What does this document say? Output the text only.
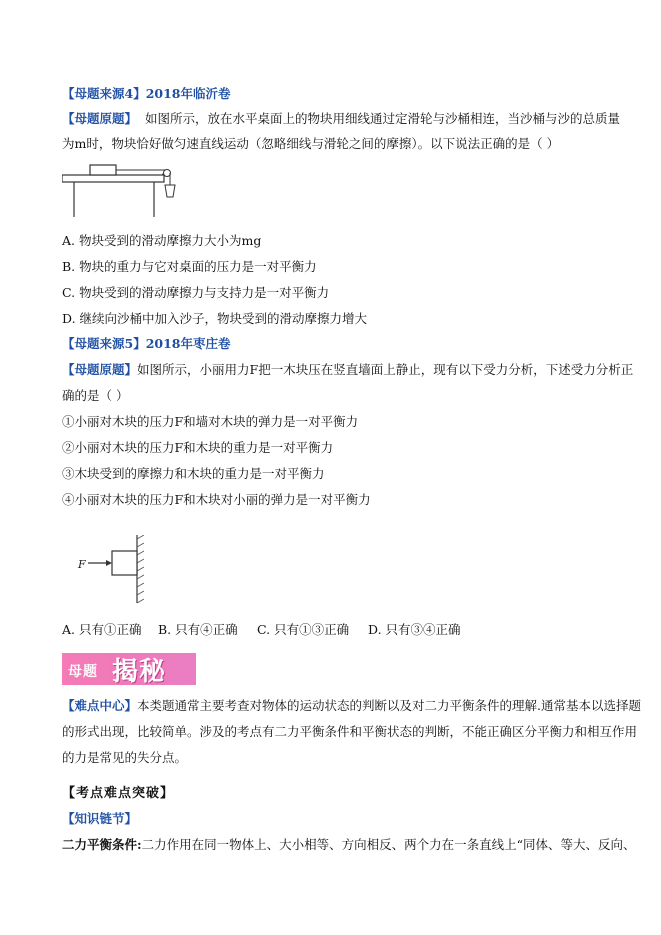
【母题来源4】2018年临沂卷
【母题原题】 如图所示，放在水平桌面上的物块用细线通过定滑轮与沙桶相连，当沙桶与沙的总质量
为m时，物块恰好做匀速直线运动（忽略细线与滑轮之间的摩擦）。以下说法正确的是（ ）
A. 物块受到的滑动摩擦力大小为mg
B. 物块的重力与它对桌面的压力是一对平衡力
C. 物块受到的滑动摩擦力与支持力是一对平衡力
D. 继续向沙桶中加入沙子，物块受到的滑动摩擦力增大
【母题来源5】2018年枣庄卷
【母题原题】如图所示，小丽用力F把一木块压在竖直墙面上静止，现有以下受力分析，下述受力分析正
确的是（ ）
①小丽对木块的压力F和墙对木块的弹力是一对平衡力
②小丽对木块的压力F和木块的重力是一对平衡力
③木块受到的摩擦力和木块的重力是一对平衡力
④小丽对木块的压力F和木块对小丽的弹力是一对平衡力
F
A. 只有①正确 B. 只有④正确 C. 只有①③正确 D. 只有③④正确
母题 揭秘
【难点中心】本类题通常主要考查对物体的运动状态的判断以及对二力平衡条件的理解.通常基本以选择题
的形式出现，比较简单。涉及的考点有二力平衡条件和平衡状态的判断，不能正确区分平衡力和相互作用
的力是常见的失分点。
【考点难点突破】
【知识链节】
二力平衡条件:二力作用在同一物体上、大小相等、方向相反、两个力在一条直线上“同体、等大、反向、
